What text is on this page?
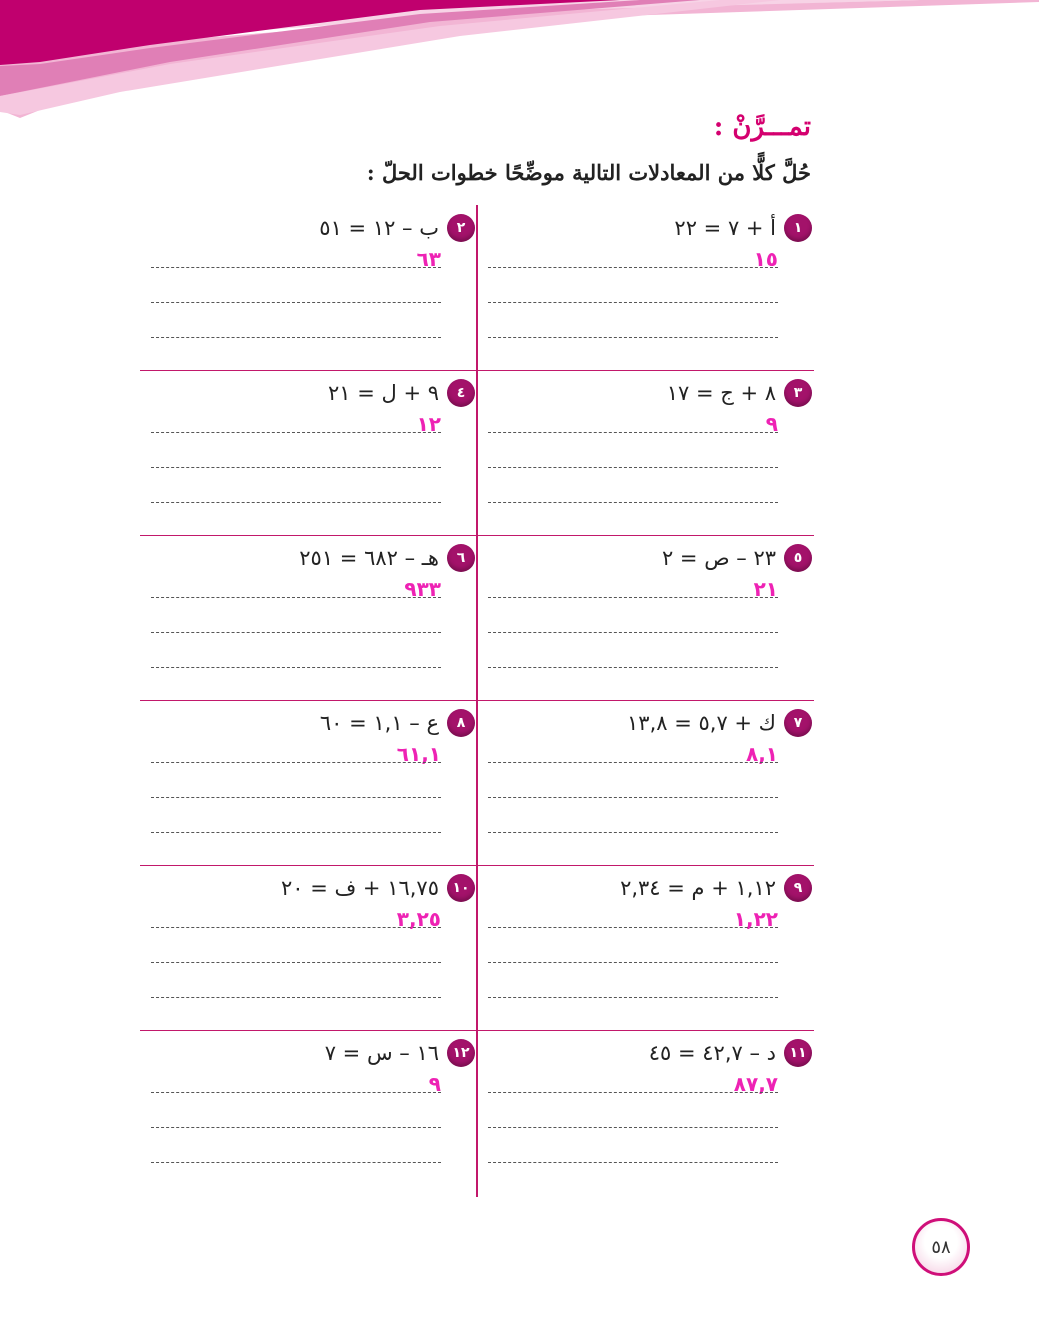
تمـــرَّنْ :
حُلَّ كلًّا من المعادلات التالية موضِّحًا خطوات الحلّ :
١
أ + ٧ = ٢٢
١٥
٢
ب – ١٢ = ٥١
٦٣
٣
٨ + ج = ١٧
٩
٤
٩ + ل = ٢١
١٢
٥
٢٣ – ص = ٢
٢١
٦
هـ – ٦٨٢ = ٢٥١
٩٣٣
٧
ك + ٥,٧ = ١٣,٨
٨,١
٨
ع – ١,١ = ٦٠
٦١,١
٩
١,١٢ + م = ٢,٣٤
١,٢٢
١٠
١٦,٧٥ + ف = ٢٠
٣,٢٥
١١
د – ٤٢,٧ = ٤٥
٨٧,٧
١٢
١٦ – س = ٧
٩
٥٨
